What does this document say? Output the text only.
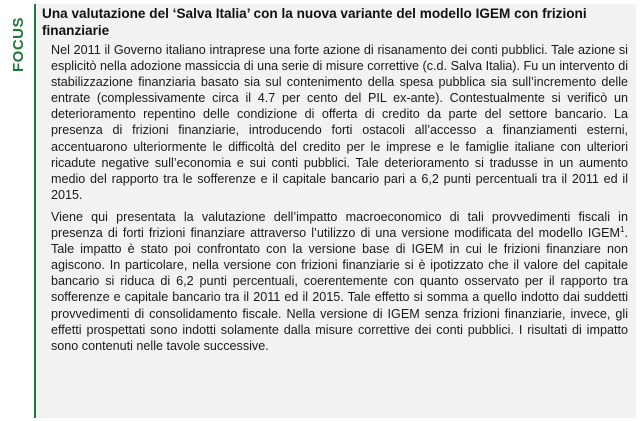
FOCUS
Una valutazione del ‘Salva Italia’ con la nuova variante del modello IGEM con frizioni finanziarie

Nel 2011 il Governo italiano intraprese una forte azione di risanamento dei conti pubblici. Tale azione si esplicitò nella adozione massiccia di una serie di misure correttive (c.d. Salva Italia). Fu un intervento di stabilizzazione finanziaria basato sia sul contenimento della spesa pubblica sia sull’incremento delle entrate (complessivamente circa il 4.7 per cento del PIL ex-ante). Contestualmente si verificò un deterioramento repentino delle condizione di offerta di credito da parte del settore bancario. La presenza di frizioni finanziarie, introducendo forti ostacoli all’accesso a finanziamenti esterni, accentuarono ulteriormente le difficoltà del credito per le imprese e le famiglie italiane con ulteriori ricadute negative sull’economia e sui conti pubblici. Tale deterioramento si tradusse in un aumento medio del rapporto tra le sofferenze e il capitale bancario pari a 6,2 punti percentuali tra il 2011 ed il 2015.

Viene qui presentata la valutazione dell’impatto macroeconomico di tali provvedimenti fiscali in presenza di forti frizioni finanziare attraverso l’utilizzo di una versione modificata del modello IGEM$^1$. Tale impatto è stato poi confrontato con la versione base di IGEM in cui le frizioni finanziare non agiscono. In particolare, nella versione con frizioni finanziarie si è ipotizzato che il valore del capitale bancario si riduca di 6,2 punti percentuali, coerentemente con quanto osservato per il rapporto tra sofferenze e capitale bancario tra il 2011 ed il 2015. Tale effetto si somma a quello indotto dai suddetti provvedimenti di consolidamento fiscale. Nella versione di IGEM senza frizioni finanziarie, invece, gli effetti prospettati sono indotti solamente dalla misure correttive dei conti pubblici. I risultati di impatto sono contenuti nelle tavole successive.
